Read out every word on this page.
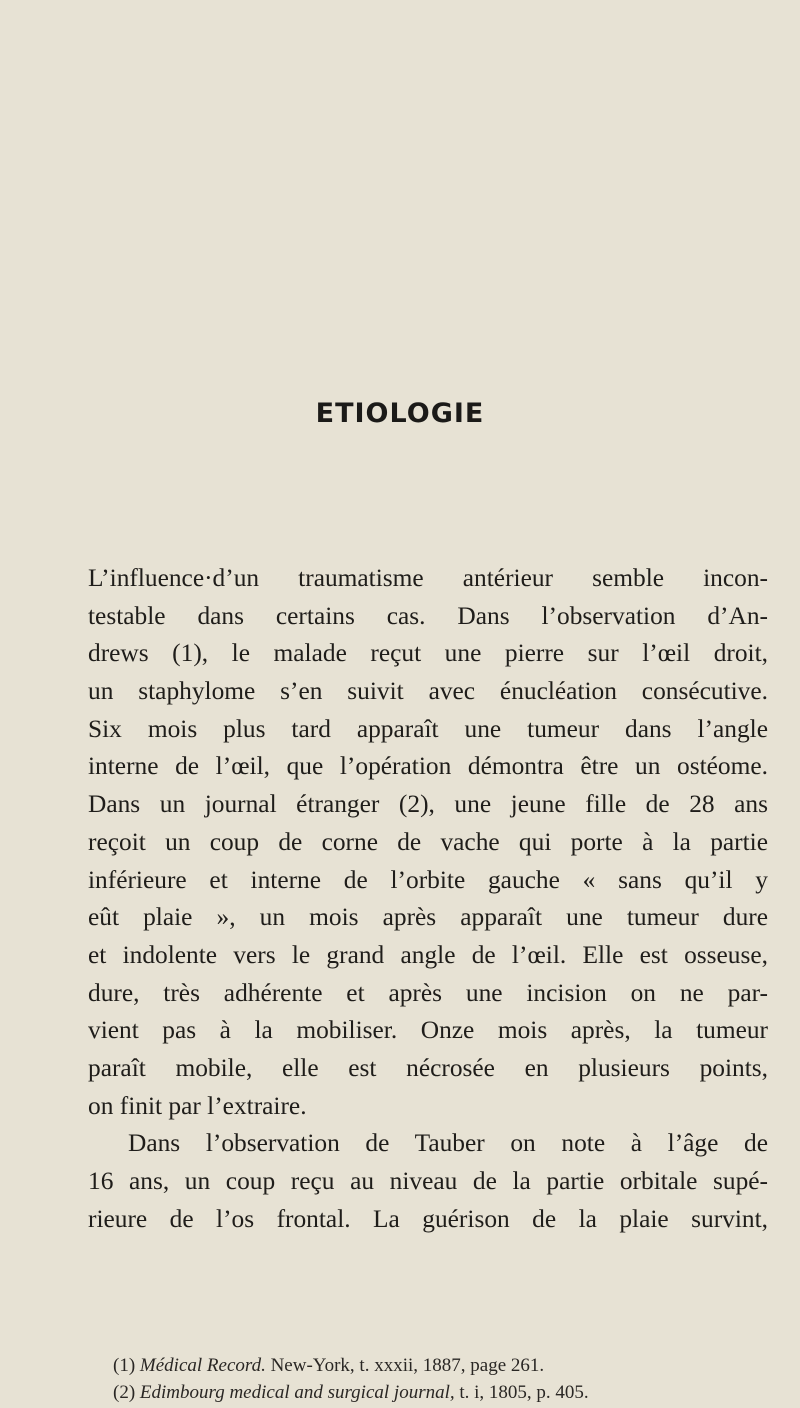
ETIOLOGIE
L’influence·d’un traumatisme antérieur semble incon-
testable dans certains cas. Dans l’observation d’An-
drews (1), le malade reçut une pierre sur l’œil droit,
un staphylome s’en suivit avec énucléation consécutive.
Six mois plus tard apparaît une tumeur dans l’angle
interne de l’œil, que l’opération démontra être un ostéome.
Dans un journal étranger (2), une jeune fille de 28 ans
reçoit un coup de corne de vache qui porte à la partie
inférieure et interne de l’orbite gauche « sans qu’il y
eût plaie », un mois après apparaît une tumeur dure
et indolente vers le grand angle de l’œil. Elle est osseuse,
dure, très adhérente et après une incision on ne par-
vient pas à la mobiliser. Onze mois après, la tumeur
paraît mobile, elle est nécrosée en plusieurs points,
on finit par l’extraire.
Dans l’observation de Tauber on note à l’âge de
16 ans, un coup reçu au niveau de la partie orbitale supé-
rieure de l’os frontal. La guérison de la plaie survint,
(1) Médical Record. New-York, t. xxxii, 1887, page 261.
(2) Edimbourg medical and surgical journal, t. i, 1805, p. 405.
